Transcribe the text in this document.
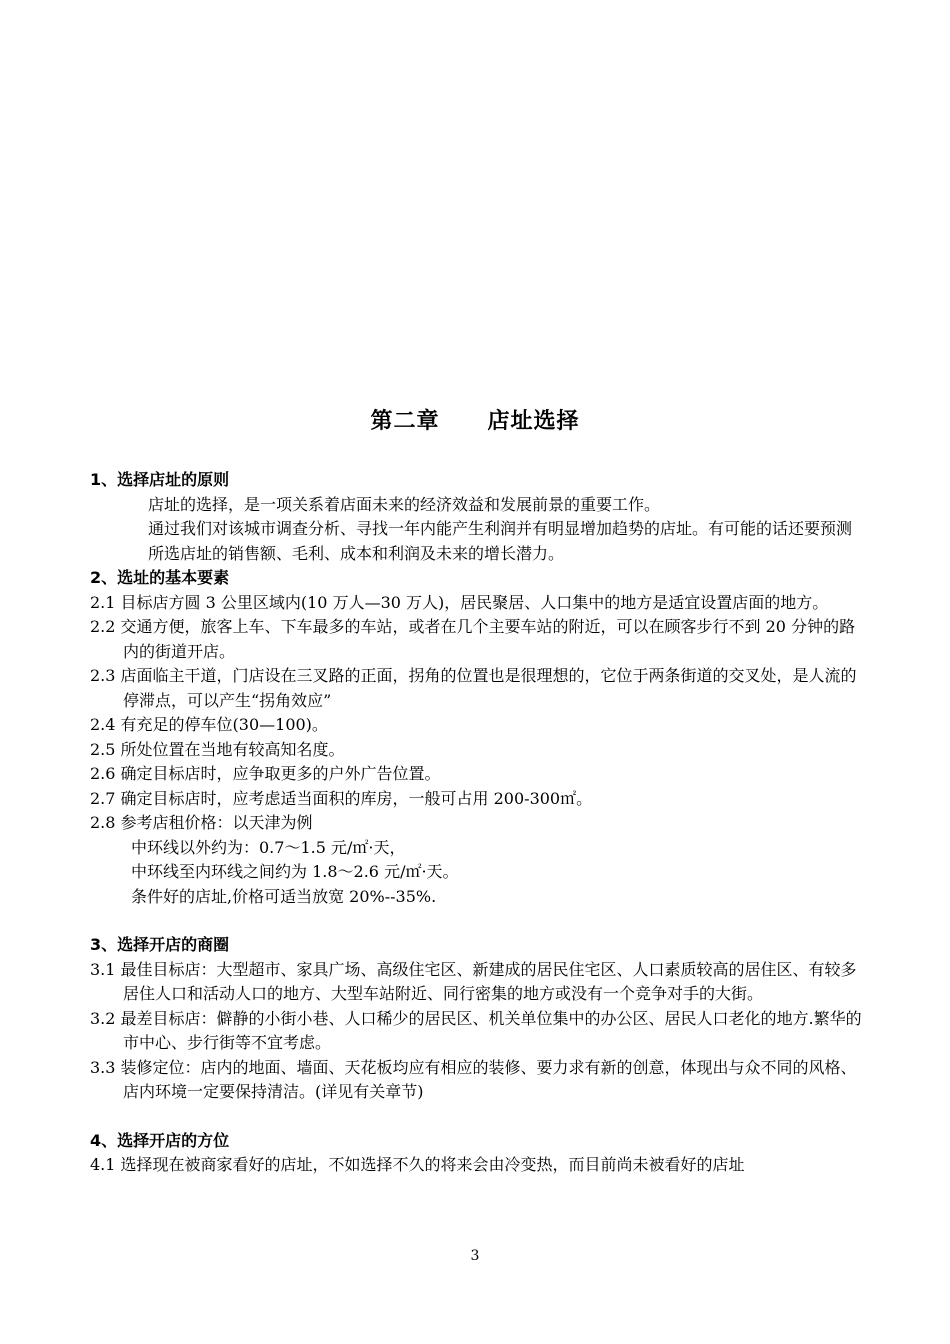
第二章 店址选择
1、选择店址的原则
店址的选择，是一项关系着店面未来的经济效益和发展前景的重要工作。
通过我们对该城市调查分析、寻找一年内能产生利润并有明显增加趋势的店址。有可能的话还要预测所选店址的销售额、毛利、成本和利润及未来的增长潜力。
2、选址的基本要素
2.1 目标店方圆 3 公里区域内(10 万人—30 万人)，居民聚居、人口集中的地方是适宜设置店面的地方。
2.2 交通方便，旅客上车、下车最多的车站，或者在几个主要车站的附近，可以在顾客步行不到 20 分钟的路内的街道开店。
2.3 店面临主干道，门店设在三叉路的正面，拐角的位置也是很理想的，它位于两条街道的交叉处，是人流的停滞点，可以产生“拐角效应”
2.4 有充足的停车位(30—100)。
2.5 所处位置在当地有较高知名度。
2.6 确定目标店时，应争取更多的户外广告位置。
2.7 确定目标店时，应考虑适当面积的库房，一般可占用 200-300㎡。
2.8 参考店租价格：以天津为例
中环线以外约为：0.7～1.5 元/㎡·天，
中环线至内环线之间约为 1.8～2.6 元/㎡·天。
条件好的店址,价格可适当放宽 20%--35%.
3、选择开店的商圈
3.1 最佳目标店：大型超市、家具广场、高级住宅区、新建成的居民住宅区、人口素质较高的居住区、有较多居住人口和活动人口的地方、大型车站附近、同行密集的地方或没有一个竞争对手的大街。
3.2 最差目标店：僻静的小街小巷、人口稀少的居民区、机关单位集中的办公区、居民人口老化的地方.繁华的市中心、步行街等不宜考虑。
3.3 装修定位：店内的地面、墙面、天花板均应有相应的装修、要力求有新的创意，体现出与众不同的风格、店内环境一定要保持清洁。(详见有关章节)
4、选择开店的方位
4.1 选择现在被商家看好的店址，不如选择不久的将来会由冷变热，而目前尚未被看好的店址
3
